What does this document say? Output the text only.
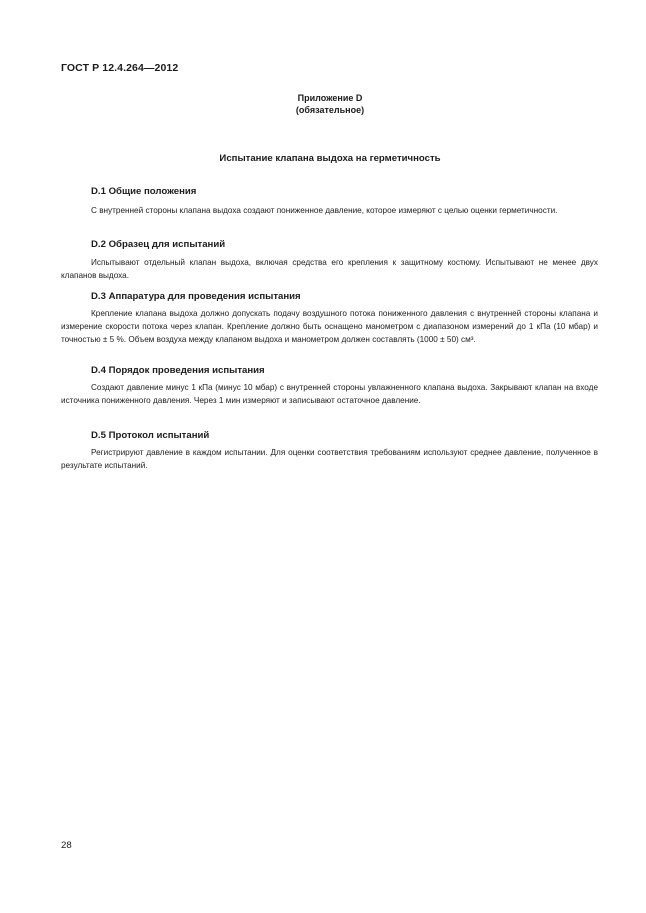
ГОСТ Р 12.4.264—2012
Приложение D
(обязательное)
Испытание клапана выдоха на герметичность
D.1 Общие положения

С внутренней стороны клапана выдоха создают пониженное давление, которое измеряют с целью оценки герметичности.

D.2 Образец для испытаний

Испытывают отдельный клапан выдоха, включая средства его крепления к защитному костюму. Испытывают не менее двух клапанов выдоха.

D.3 Аппаратура для проведения испытания

Крепление клапана выдоха должно допускать подачу воздушного потока пониженного давления с внутренней стороны клапана и измерение скорости потока через клапан. Крепление должно быть оснащено манометром с диапазоном измерений до 1 кПа (10 мбар) и точностью ± 5 %. Объем воздуха между клапаном выдоха и манометром должен составлять (1000 ± 50) см³.

D.4 Порядок проведения испытания

Создают давление минус 1 кПа (минус 10 мбар) с внутренней стороны увлажненного клапана выдоха. Закрывают клапан на входе источника пониженного давления. Через 1 мин измеряют и записывают остаточное давление.

D.5 Протокол испытаний

Регистрируют давление в каждом испытании. Для оценки соответствия требованиям используют среднее давление, полученное в результате испытаний.

28
